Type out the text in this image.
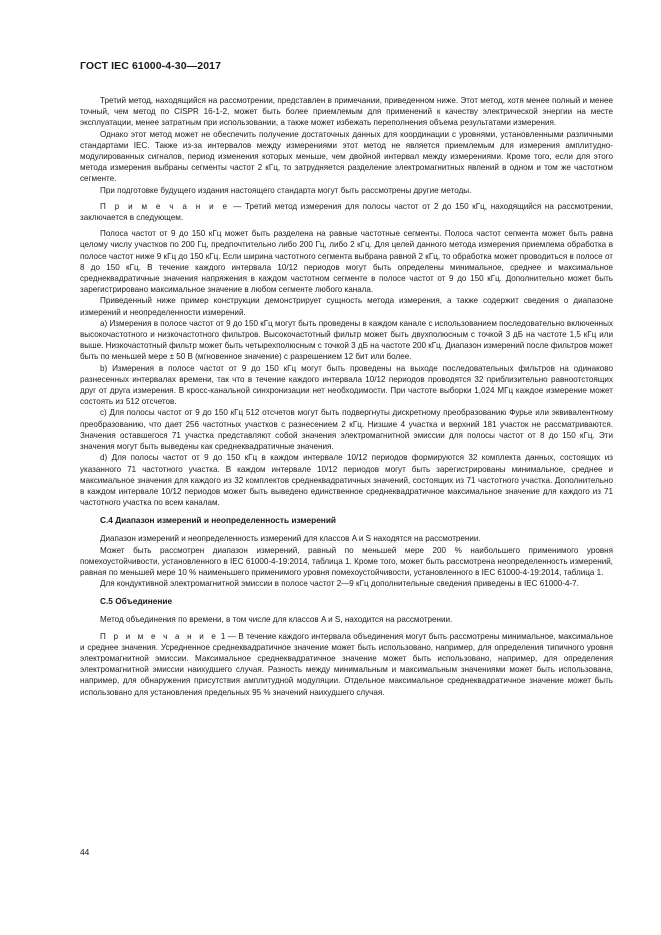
ГОСТ IEC 61000-4-30—2017

Третий метод, находящийся на рассмотрении, представлен в примечании, приведенном ниже. Этот метод, хотя менее полный и менее точный, чем метод по CISPR 16-1-2, может быть более приемлемым для применений к качеству электрической энергии на месте эксплуатации, менее затратным при использовании, а также может избежать переполнения объема результатами измерения.

Однако этот метод может не обеспечить получение достаточных данных для координации с уровнями, установленными различными стандартами IEC. Также из-за интервалов между измерениями этот метод не является приемлемым для измерения амплитудно-модулированных сигналов, период изменения которых меньше, чем двойной интервал между измерениями. Кроме того, если для этого метода измерения выбраны сегменты частот 2 кГц, то затрудняется разделение электромагнитных явлений в одном и том же частотном сегменте.

При подготовке будущего издания настоящего стандарта могут быть рассмотрены другие методы.

П р и м е ч а н и е — Третий метод измерения для полосы частот от 2 до 150 кГц, находящийся на рассмотрении, заключается в следующем.

Полоса частот от 9 до 150 кГц может быть разделена на равные частотные сегменты. Полоса частот сегмента может быть равна целому числу участков по 200 Гц, предпочтительно либо 200 Гц, либо 2 кГц. Для целей данного метода измерения приемлема обработка в полосе частот ниже 9 кГц до 150 кГц. Если ширина частотного сегмента выбрана равной 2 кГц, то обработка может проводиться в полосе от 8 до 150 кГц. В течение каждого интервала 10/12 периодов могут быть определены минимальное, среднее и максимальное среднеквадратичные значения напряжения в каждом частотном сегменте в полосе частот от 9 до 150 кГц. Дополнительно может быть зарегистрировано максимальное значение в любом сегменте любого канала.

Приведенный ниже пример конструкции демонстрирует сущность метода измерения, а также содержит сведения о диапазоне измерений и неопределенности измерений.

a) Измерения в полосе частот от 9 до 150 кГц могут быть проведены в каждом канале с использованием последовательно включенных высокочастотного и низкочастотного фильтров. Высокочастотный фильтр может быть двухполюсным с точкой 3 дБ на частоте 1,5 кГц или выше. Низкочастотный фильтр может быть четырехполюсным с точкой 3 дБ на частоте 200 кГц. Диапазон измерений после фильтров может быть по меньшей мере ± 50 В (мгновенное значение) с разрешением 12 бит или более.

b) Измерения в полосе частот от 9 до 150 кГц могут быть проведены на выходе последовательных фильтров на одинаково разнесенных интервалах времени, так что в течение каждого интервала 10/12 периодов проводятся 32 приблизительно равноотстоящих друг от друга измерения. В кросс-канальной синхронизации нет необходимости. При частоте выборки 1,024 МГц каждое измерение может состоять из 512 отсчетов.

c) Для полосы частот от 9 до 150 кГц 512 отсчетов могут быть подвергнуты дискретному преобразованию Фурье или эквивалентному преобразованию, что дает 256 частотных участков с разнесением 2 кГц. Низшие 4 участка и верхний 181 участок не рассматриваются. Значения оставшегося 71 участка представляют собой значения электромагнитной эмиссии для полосы частот от 8 до 150 кГц. Эти значения могут быть выведены как среднеквадратичные значения.

d) Для полосы частот от 9 до 150 кГц в каждом интервале 10/12 периодов формируются 32 комплекта данных, состоящих из указанного 71 частотного участка. В каждом интервале 10/12 периодов могут быть зарегистрированы минимальное, среднее и максимальное значения для каждого из 32 комплектов среднеквадратичных значений, состоящих из 71 частотного участка. Дополнительно в каждом интервале 10/12 периодов может быть выведено единственное среднеквадратичное максимальное значение для каждого из 71 частотного участка по всем каналам.

C.4 Диапазон измерений и неопределенность измерений

Диапазон измерений и неопределенность измерений для классов A и S находятся на рассмотрении.

Может быть рассмотрен диапазон измерений, равный по меньшей мере 200 % наибольшего применимого уровня помехоустойчивости, установленного в IEC 61000-4-19:2014, таблица 1. Кроме того, может быть рассмотрена неопределенность измерений, равная по меньшей мере 10 % наименьшего применимого уровня помехоустойчивости, установленного в IEC 61000-4-19:2014, таблица 1.

Для кондуктивной электромагнитной эмиссии в полосе частот 2—9 кГц дополнительные сведения приведены в IEC 61000-4-7.

C.5 Объединение

Метод объединения по времени, в том числе для классов A и S, находится на рассмотрении.

П р и м е ч а н и е 1 — В течение каждого интервала объединения могут быть рассмотрены минимальное, максимальное и среднее значения. Усредненное среднеквадратичное значение может быть использовано, например, для определения типичного уровня электромагнитной эмиссии. Максимальное среднеквадратичное значение может быть использовано, например, для определения электромагнитной эмиссии наихудшего случая. Разность между минимальным и максимальным значениями может быть использована, например, для обнаружения присутствия амплитудной модуляции. Отдельное максимальное среднеквадратичное значение может быть использовано для установления предельных 95 % значений наихудшего случая.

44
